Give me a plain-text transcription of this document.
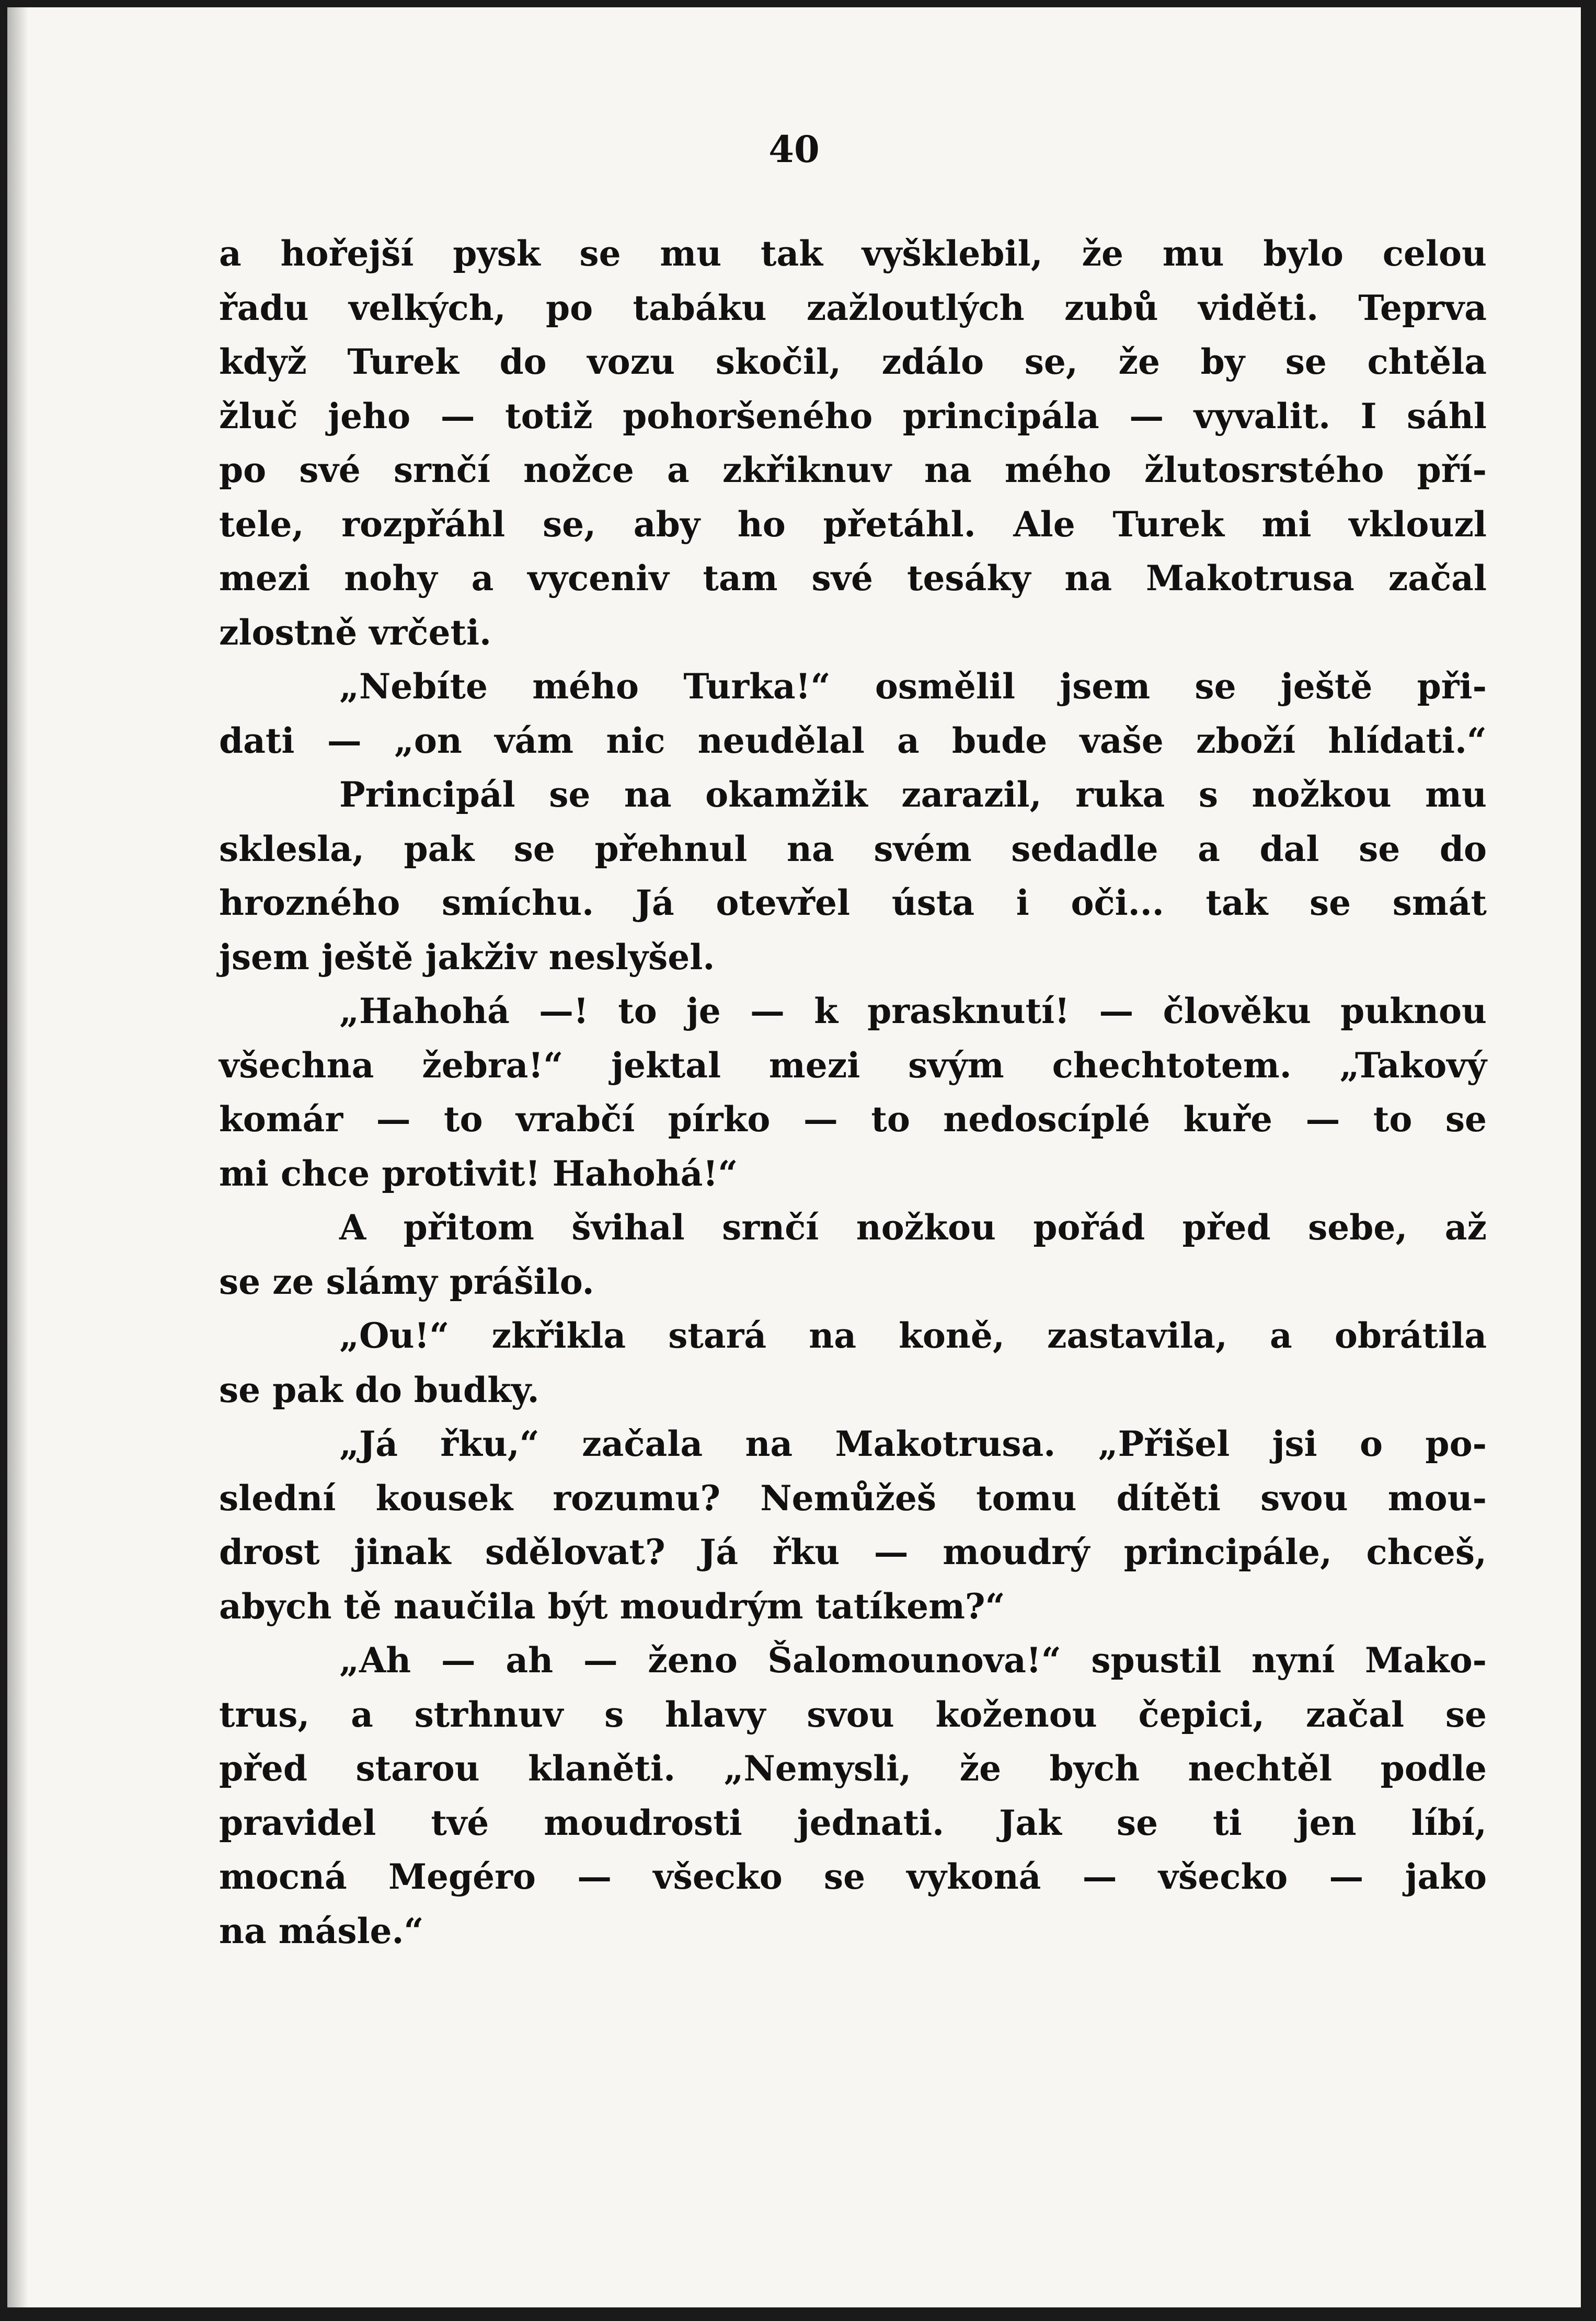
40
a hořejší pysk se mu tak vyšklebil, že mu bylo celou
řadu velkých, po tabáku zažloutlých zubů viděti. Teprva
když Turek do vozu skočil, zdálo se, že by se chtěla
žluč jeho — totiž pohoršeného principála — vyvalit. I sáhl
po své srnčí nožce a zkřiknuv na mého žlutosrstého pří-
tele, rozpřáhl se, aby ho přetáhl. Ale Turek mi vklouzl
mezi nohy a vyceniv tam své tesáky na Makotrusa začal
zlostně vrčeti.
„Nebíte mého Turka!“ osmělil jsem se ještě při-
dati — „on vám nic neudělal a bude vaše zboží hlídati.“
Principál se na okamžik zarazil, ruka s nožkou mu
sklesla, pak se přehnul na svém sedadle a dal se do
hrozného smíchu. Já otevřel ústa i oči... tak se smát
jsem ještě jakživ neslyšel.
„Hahohá —! to je — k prasknutí! — člověku puknou
všechna žebra!“ jektal mezi svým chechtotem. „Takový
komár — to vrabčí pírko — to nedoscíplé kuře — to se
mi chce protivit! Hahohá!“
A přitom švihal srnčí nožkou pořád před sebe, až
se ze slámy prášilo.
„Ou!“ zkřikla stará na koně, zastavila, a obrátila
se pak do budky.
„Já řku,“ začala na Makotrusa. „Přišel jsi o po-
slední kousek rozumu? Nemůžeš tomu dítěti svou mou-
drost jinak sdělovat? Já řku — moudrý principále, chceš,
abych tě naučila být moudrým tatíkem?“
„Ah — ah — ženo Šalomounova!“ spustil nyní Mako-
trus, a strhnuv s hlavy svou koženou čepici, začal se
před starou klaněti. „Nemysli, že bych nechtěl podle
pravidel tvé moudrosti jednati. Jak se ti jen líbí,
mocná Megéro — všecko se vykoná — všecko — jako
na másle.“
